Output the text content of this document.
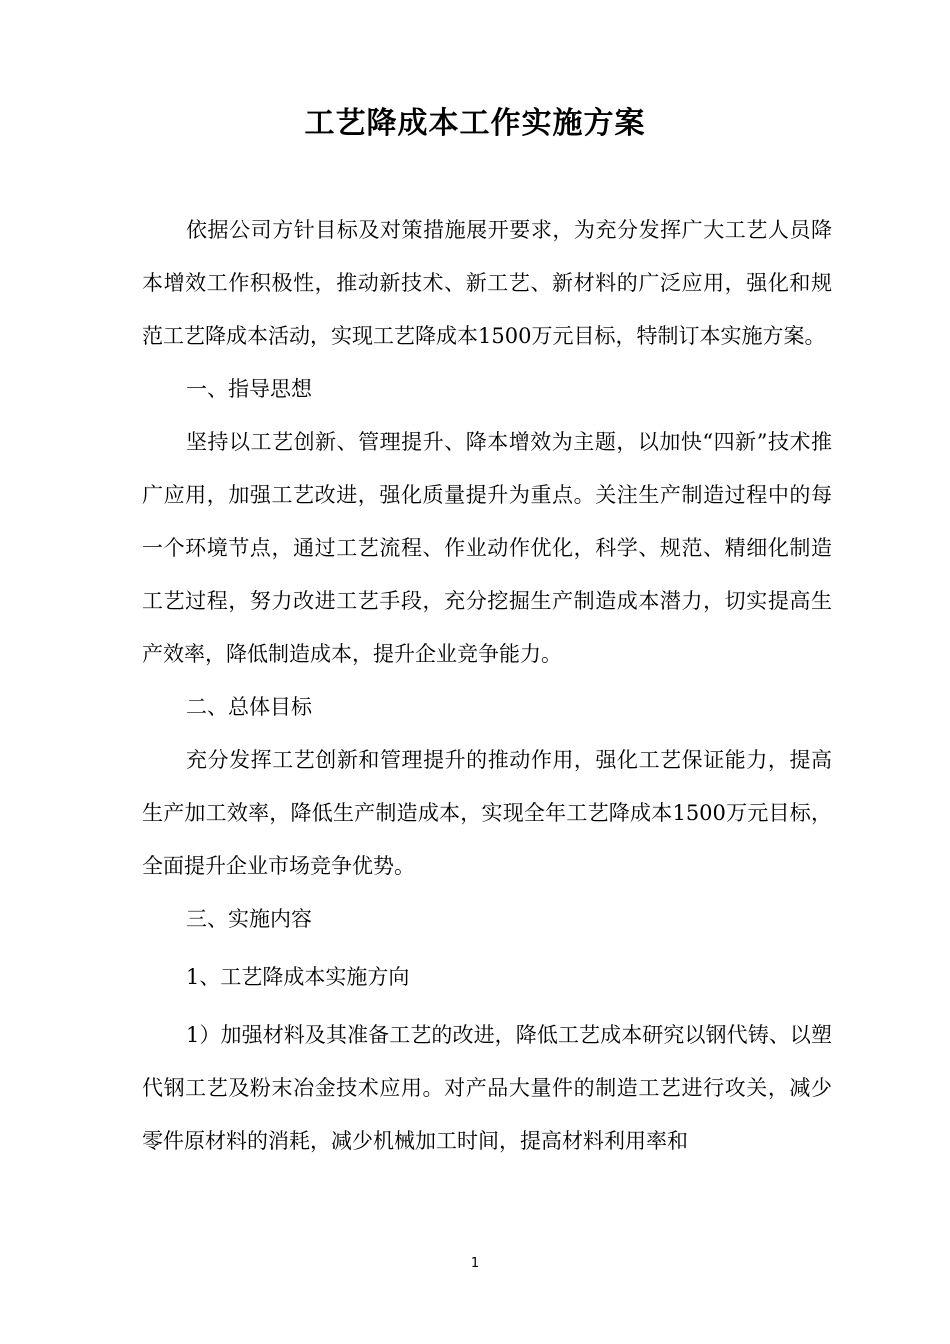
工艺降成本工作实施方案

依据公司方针目标及对策措施展开要求，为充分发挥广大工艺人员降本增效工作积极性，推动新技术、新工艺、新材料的广泛应用，强化和规范工艺降成本活动，实现工艺降成本1500万元目标，特制订本实施方案。

一、指导思想

坚持以工艺创新、管理提升、降本增效为主题，以加快“四新”技术推广应用，加强工艺改进，强化质量提升为重点。关注生产制造过程中的每一个环境节点，通过工艺流程、作业动作优化，科学、规范、精细化制造工艺过程，努力改进工艺手段，充分挖掘生产制造成本潜力，切实提高生产效率，降低制造成本，提升企业竞争能力。

二、总体目标

充分发挥工艺创新和管理提升的推动作用，强化工艺保证能力，提高生产加工效率，降低生产制造成本，实现全年工艺降成本1500万元目标，全面提升企业市场竞争优势。

三、实施内容

1、工艺降成本实施方向

1）加强材料及其准备工艺的改进，降低工艺成本研究以钢代铸、以塑代钢工艺及粉末冶金技术应用。对产品大量件的制造工艺进行攻关，减少零件原材料的消耗，减少机械加工时间，提高材料利用率和

1
